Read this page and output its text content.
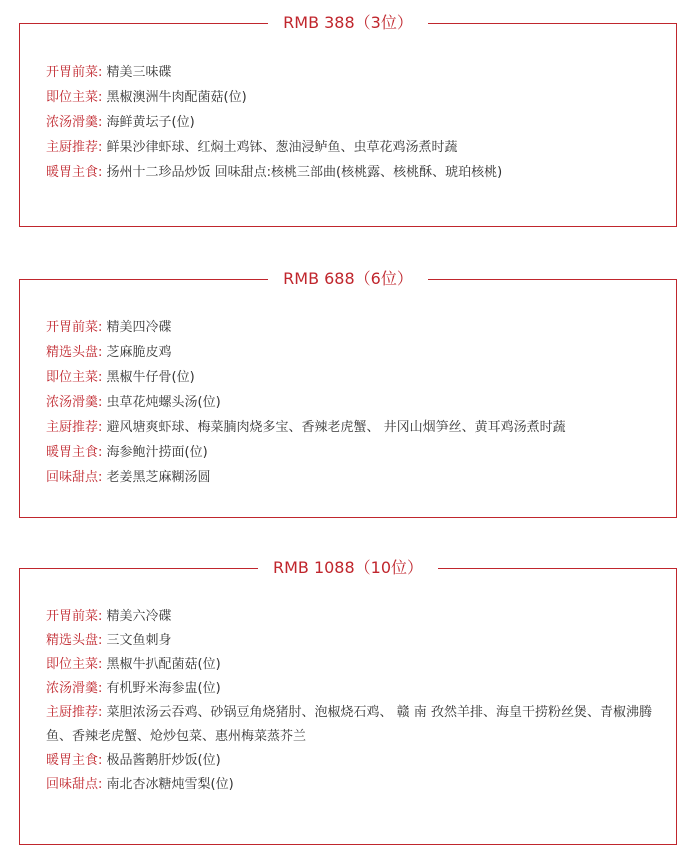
RMB 388（3位）
开胃前菜: 精美三味碟
即位主菜: 黑椒澳洲牛肉配菌菇(位)
浓汤滑羹: 海鲜黄坛子(位)
主厨推荐: 鲜果沙律虾球、红焖土鸡钵、葱油浸鲈鱼、虫草花鸡汤煮时蔬
暖胃主食: 扬州十二珍品炒饭 回味甜点:核桃三部曲(核桃露、核桃酥、琥珀核桃)
RMB 688（6位）
开胃前菜: 精美四冷碟
精选头盘: 芝麻脆皮鸡
即位主菜: 黑椒牛仔骨(位)
浓汤滑羹: 虫草花炖螺头汤(位)
主厨推荐: 避风塘爽虾球、梅菜腩肉烧多宝、香辣老虎蟹、 井冈山烟笋丝、黄耳鸡汤煮时蔬
暖胃主食: 海参鲍汁捞面(位)
回味甜点: 老姜黑芝麻糊汤圆
RMB 1088（10位）
开胃前菜: 精美六冷碟
精选头盘: 三文鱼刺身
即位主菜: 黑椒牛扒配菌菇(位)
浓汤滑羹: 有机野米海参盅(位)
主厨推荐: 菜胆浓汤云吞鸡、砂锅豆角烧猪肘、泡椒烧石鸡、 赣 南 孜然羊排、海皇干捞粉丝煲、青椒沸腾鱼、香辣老虎蟹、炝炒包菜、惠州梅菜蒸芥兰
暖胃主食: 极品酱鹅肝炒饭(位)
回味甜点: 南北杏冰糖炖雪梨(位)
